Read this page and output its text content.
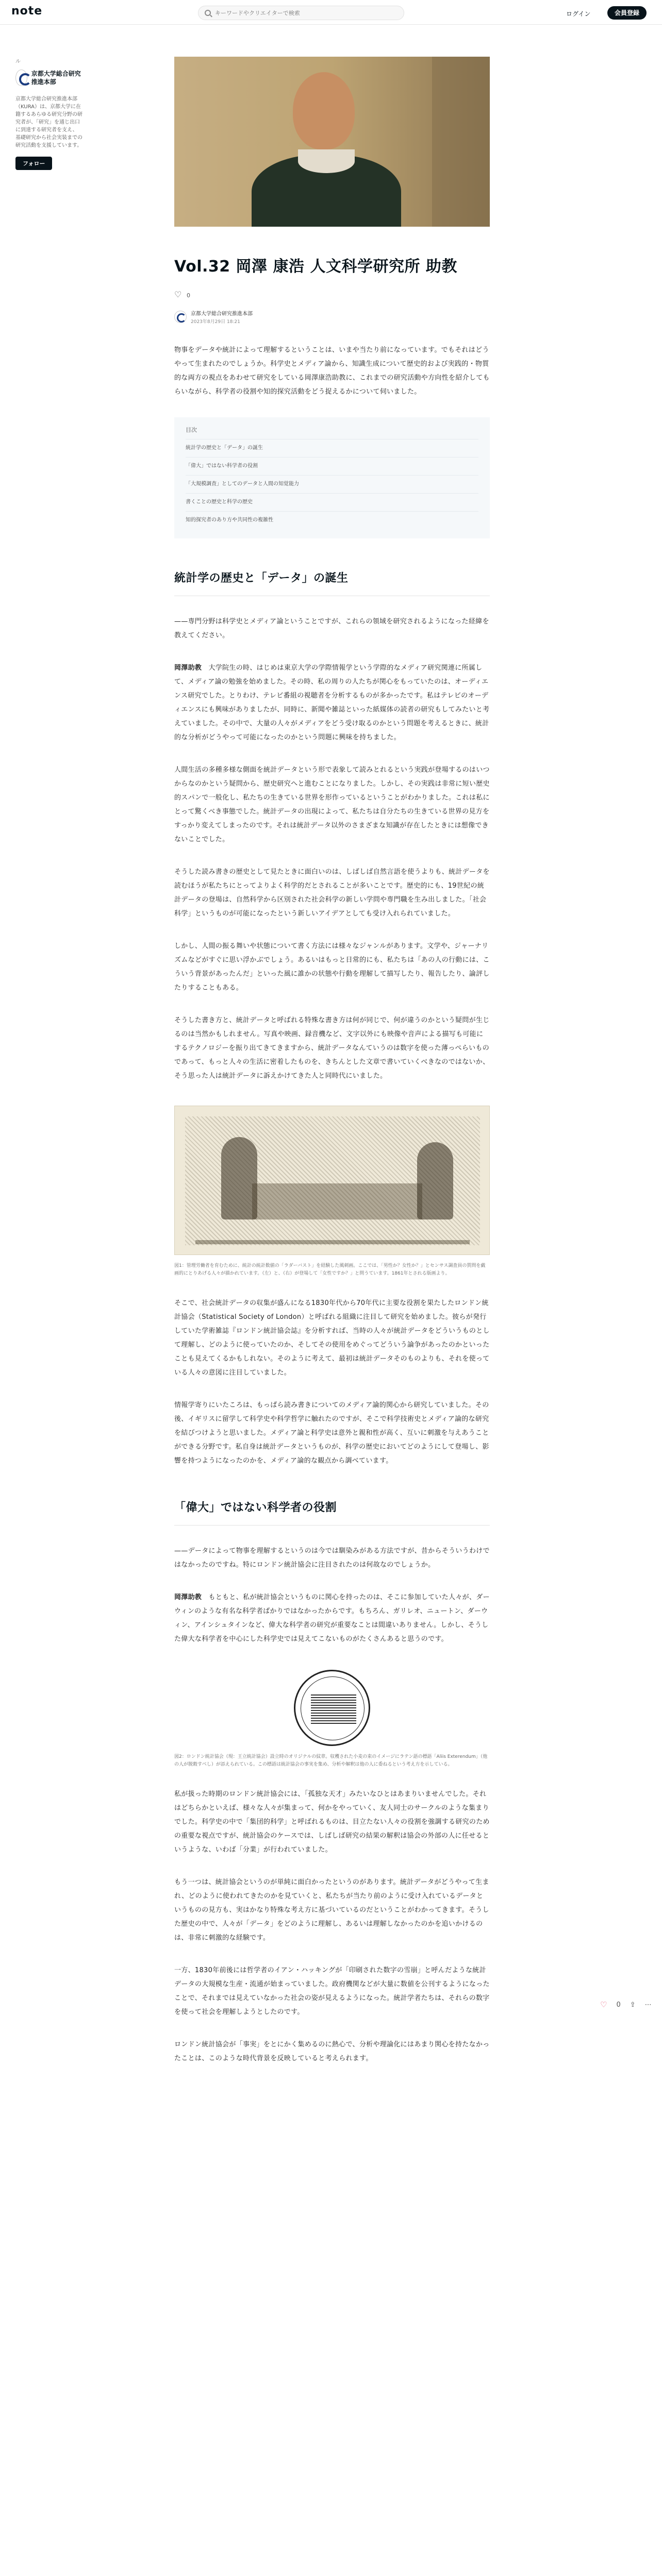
note
キーワードやクリエイターで検索	ログイン	会員登録
ル
京都大学総合研究推進本部
京都大学総合研究推進本部（KURA）は、京都大学に在籍するあらゆる研究分野の研究者が、「研究」を通じ出口に到達する研究者を支え、基礎研究から社会実装までの研究活動を支援しています。
フォロー
Vol.32 岡澤 康浩 人文科学研究所 助教
♡
0
京都大学総合研究推進本部
2023年8月29日 18:21

物事をデータや統計によって理解するということは、いまや当たり前になっています。でもそれはどうやって生まれたのでしょうか。科学史とメディア論から、知識生成について歴史的および実践的・物質的な両方の視点をあわせて研究をしている岡澤康浩助教に、これまでの研究活動や方向性を紹介してもらいながら、科学者の役割や知的探究活動をどう捉えるかについて伺いました。

目次
統計学の歴史と「データ」の誕生
「偉大」ではない科学者の役割
「大規模調査」としてのデータと人間の知覚能力
書くことの歴史と科学の歴史
知的探究者のあり方や共同性の複雑性
統計学の歴史と「データ」の誕生

——専門分野は科学史とメディア論ということですが、これらの領域を研究されるようになった経緯を教えてください。

岡澤助教　 大学院生の時、はじめは東京大学の学際情報学という学際的なメディア研究関連に所属して、メディア論の勉強を始めました。その時、私の周りの人たちが関心をもっていたのは、オーディエンス研究でした。とりわけ、テレビ番組の視聴者を分析するものが多かったです。私はテレビのオーディエンスにも興味がありましたが、同時に、新聞や雑誌といった紙媒体の読者の研究もしてみたいと考えていました。その中で、大量の人々がメディアをどう受け取るのかという問題を考えるときに、統計的な分析がどうやって可能になったのかという問題に興味を持ちました。

人間生活の多種多様な側面を統計データという形で表象して読みとれるという実践が登場するのはいつからなのかという疑問から、歴史研究へと進むことになりました。しかし、その実践は非常に短い歴史的スパンで一般化し、私たちの生きている世界を形作っているということがわかりました。これは私にとって驚くべき事態でした。統計データの出現によって、私たちは自分たちの生きている世界の見方をすっかり変えてしまったのです。それは統計データ以外のさまざまな知識が存在したときには想像できないことでした。

そうした読み書きの歴史として見たときに面白いのは、しばしば自然言語を使うよりも、統計データを読むほうが私たちにとってよりよく科学的だとされることが多いことです。歴史的にも、19世紀の統計データの登場は、自然科学から区別された社会科学の新しい学問や専門職を生み出しました。「社会科学」というものが可能になったという新しいアイデアとしても受け入れられていました。

しかし、人間の振る舞いや状態について書く方法には様々なジャンルがあります。文学や、ジャーナリズムなどがすぐに思い浮かぶでしょう。あるいはもっと日常的にも、私たちは「あの人の行動には、こういう背景があったんだ」といった風に誰かの状態や行動を理解して描写したり、報告したり、論評したりすることもある。

そうした書き方と、統計データと呼ばれる特殊な書き方は何が同じで、何が違うのかという疑問が生じるのは当然かもしれません。写真や映画、録音機など、文字以外にも映像や音声による描写も可能にするテクノロジーを振り出てきてきますから、統計データなんていうのは数字を使った薄っぺらいものであって、もっと人々の生活に密着したものを、きちんとした文章で書いていくべきなのではないか、そう思った人は統計データに訴えかけてきた人と同時代にいました。

図1：管理労働者を育むために、統計の統計数値の「ラダーバスト」を経験した風刺画。ここでは、「男性か？女性か？」とセンサス調査員の質問を戯画的にとりあげる人々が描かれています。（左）と、（右）が登場して「女性ですか？」と問うています。1861年とされる版画より。

そこで、社会統計データの収集が盛んになる1830年代から70年代に主要な役割を果たしたロンドン統計協会（Statistical Society of London）と呼ばれる組織に注目して研究を始めました。彼らが発行していた学術雑誌『ロンドン統計協会誌』を分析すれば、当時の人々が統計データをどういうものとして理解し、どのように使っていたのか、そしてその使用をめぐってどういう論争があったのかといったことも見えてくるかもしれない。そのように考えて、最初は統計データそのものよりも、それを使っている人々の意図に注目していました。

情報学寄りにいたころは、もっぱら読み書きについてのメディア論的関心から研究していました。その後、イギリスに留学して科学史や科学哲学に触れたのですが、そこで科学技術史とメディア論的な研究を結びつけようと思いました。メディア論と科学史は意外と親和性が高く、互いに刺激を与えあうことができる分野です。私自身は統計データというものが、科学の歴史においてどのようにして登場し、影響を持つようになったのかを、メディア論的な観点から調べています。

「偉大」ではない科学者の役割

——データによって物事を理解するというのは今では馴染みがある方法ですが、昔からそういうわけではなかったのですね。特にロンドン統計協会に注目されたのは何故なのでしょうか。

岡澤助教　 もともと、私が統計協会というものに関心を持ったのは、そこに参加していた人々が、ダーウィンのような有名な科学者ばかりではなかったからです。もちろん、ガリレオ、ニュートン、ダーウィン、アインシュタインなど、偉大な科学者の研究が重要なことは間違いありません。しかし、そうした偉大な科学者を中心にした科学史では見えてこないものがたくさんあると思うのです。

図2：ロンドン統計協会（現：王立統計協会）設立時のオリジナルの紋章。収穫された小麦の束のイメージにラテン語の標語「Aliis Exterendum」（他の人が脱穀すべし）が添えられている。この標語は統計協会の事実を集め、分析や解釈は他の人に委ねるという考え方を示している。

私が扱った時期のロンドン統計協会には、「孤独な天才」みたいなひとはあまりいませんでした。それはどちらかといえば、様々な人々が集まって、何かをやっていく、友人同士のサークルのような集まりでした。科学史の中で「集団的科学」と呼ばれるものは、目立たない人々の役割を強調する研究のための重要な視点ですが、統計協会のケースでは、しばしば研究の結果の解釈は協会の外部の人に任せるというような、いわば「分業」が行われていました。

もう一つは、統計協会というのが単純に面白かったというのがあります。統計データがどうやって生まれ、どのように使われてきたのかを見ていくと、私たちが当たり前のように受け入れているデータというものの見方も、実はかなり特殊な考え方に基づいているのだということがわかってきます。そうした歴史の中で、人々が「データ」をどのように理解し、あるいは理解しなかったのかを追いかけるのは、非常に刺激的な経験です。

一方、1830年前後には哲学者のイアン・ハッキングが「印刷された数字の雪崩」と呼んだような統計データの大規模な生産・流通が始まっていました。政府機関などが大量に数値を公刊するようになったことで、それまでは見えていなかった社会の姿が見えるようになった。統計学者たちは、それらの数字を使って社会を理解しようとしたのです。

ロンドン統計協会が「事実」をとにかく集めるのに熱心で、分析や理論化にはあまり関心を持たなかったことは、このような時代背景を反映していると考えられます。

♡ 0 ⇪ ⋯
